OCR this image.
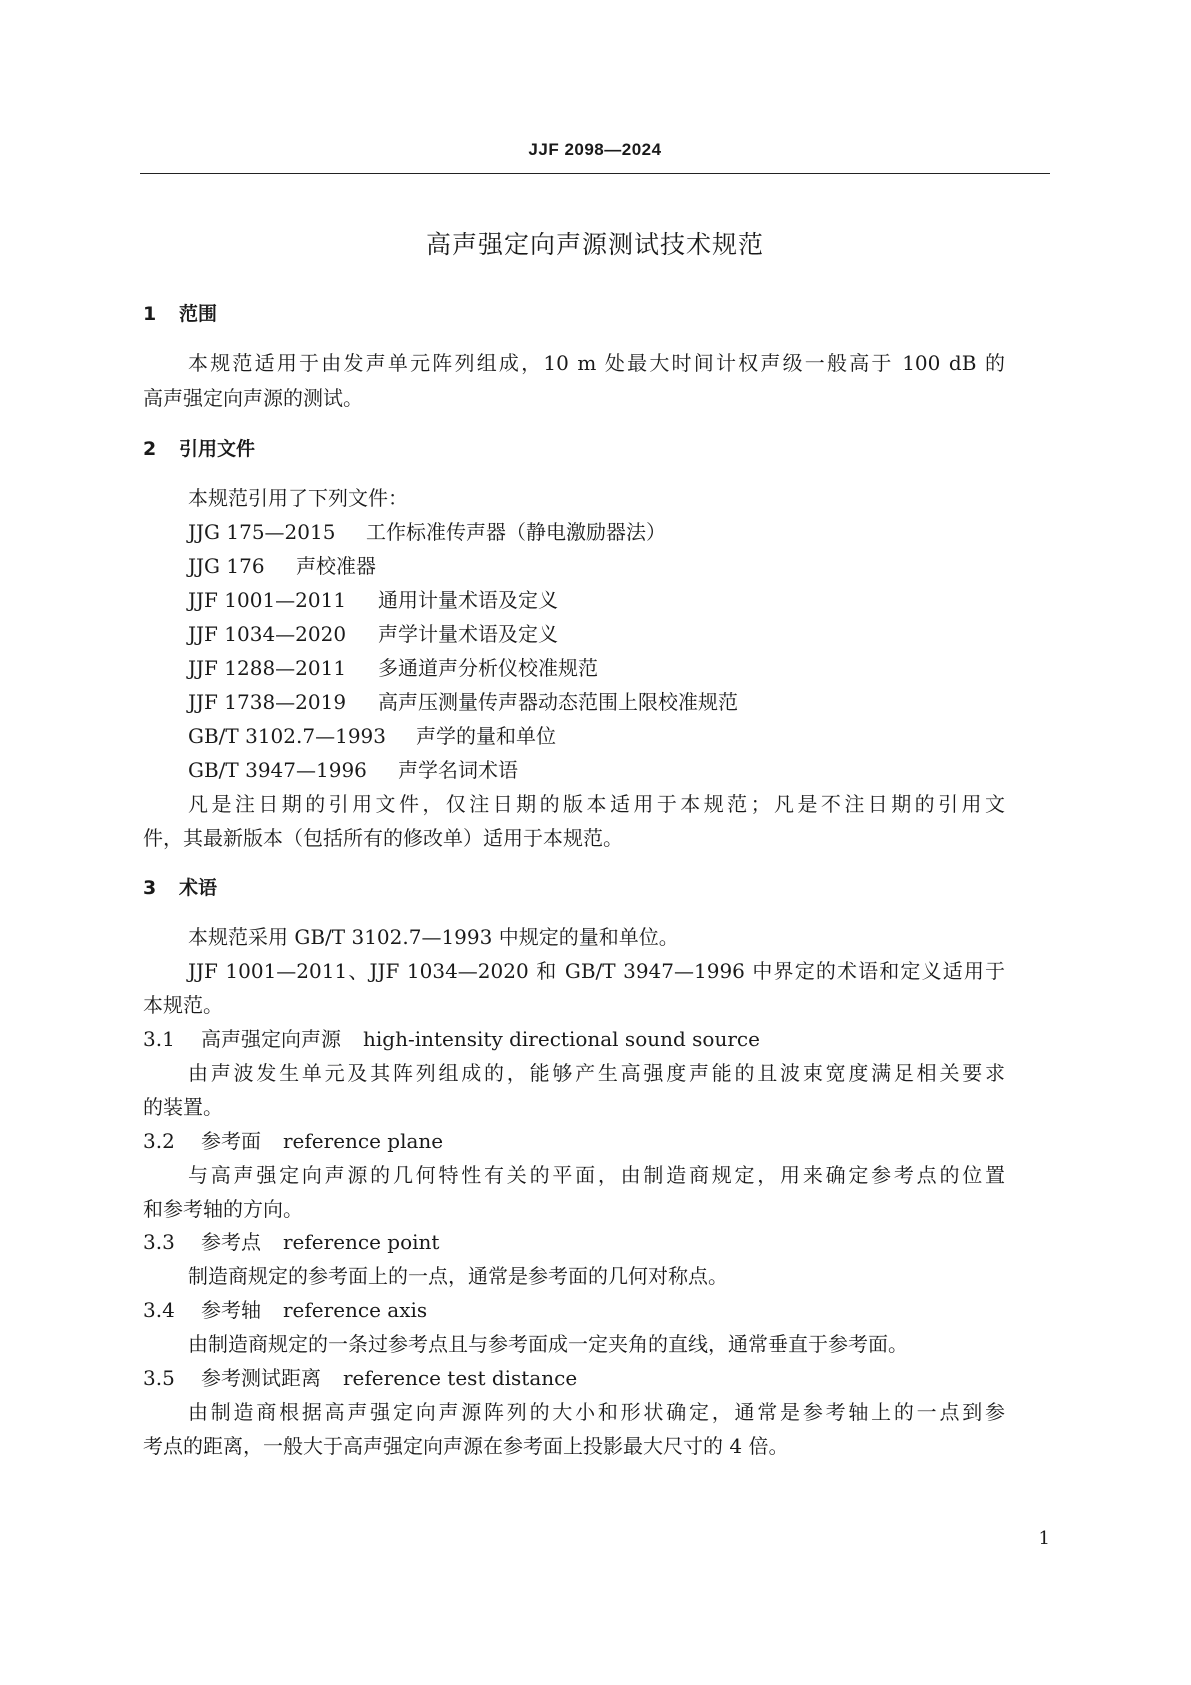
JJF 2098—2024
高声强定向声源测试技术规范
1 范围
本规范适用于由发声单元阵列组成，10 m 处最大时间计权声级一般高于 100 dB 的
高声强定向声源的测试。
2 引用文件
本规范引用了下列文件：
JJG 175—2015 工作标准传声器（静电激励器法）
JJG 176 声校准器
JJF 1001—2011 通用计量术语及定义
JJF 1034—2020 声学计量术语及定义
JJF 1288—2011 多通道声分析仪校准规范
JJF 1738—2019 高声压测量传声器动态范围上限校准规范
GB/T 3102.7—1993 声学的量和单位
GB/T 3947—1996 声学名词术语
凡是注日期的引用文件，仅注日期的版本适用于本规范；凡是不注日期的引用文
件，其最新版本（包括所有的修改单）适用于本规范。
3 术语
本规范采用 GB/T 3102.7—1993 中规定的量和单位。
JJF 1001—2011、JJF 1034—2020 和 GB/T 3947—1996 中界定的术语和定义适用于
本规范。
3.1 高声强定向声源 high-intensity directional sound source
由声波发生单元及其阵列组成的，能够产生高强度声能的且波束宽度满足相关要求
的装置。
3.2 参考面 reference plane
与高声强定向声源的几何特性有关的平面，由制造商规定，用来确定参考点的位置
和参考轴的方向。
3.3 参考点 reference point
制造商规定的参考面上的一点，通常是参考面的几何对称点。
3.4 参考轴 reference axis
由制造商规定的一条过参考点且与参考面成一定夹角的直线，通常垂直于参考面。
3.5 参考测试距离 reference test distance
由制造商根据高声强定向声源阵列的大小和形状确定，通常是参考轴上的一点到参
考点的距离，一般大于高声强定向声源在参考面上投影最大尺寸的 4 倍。
1
